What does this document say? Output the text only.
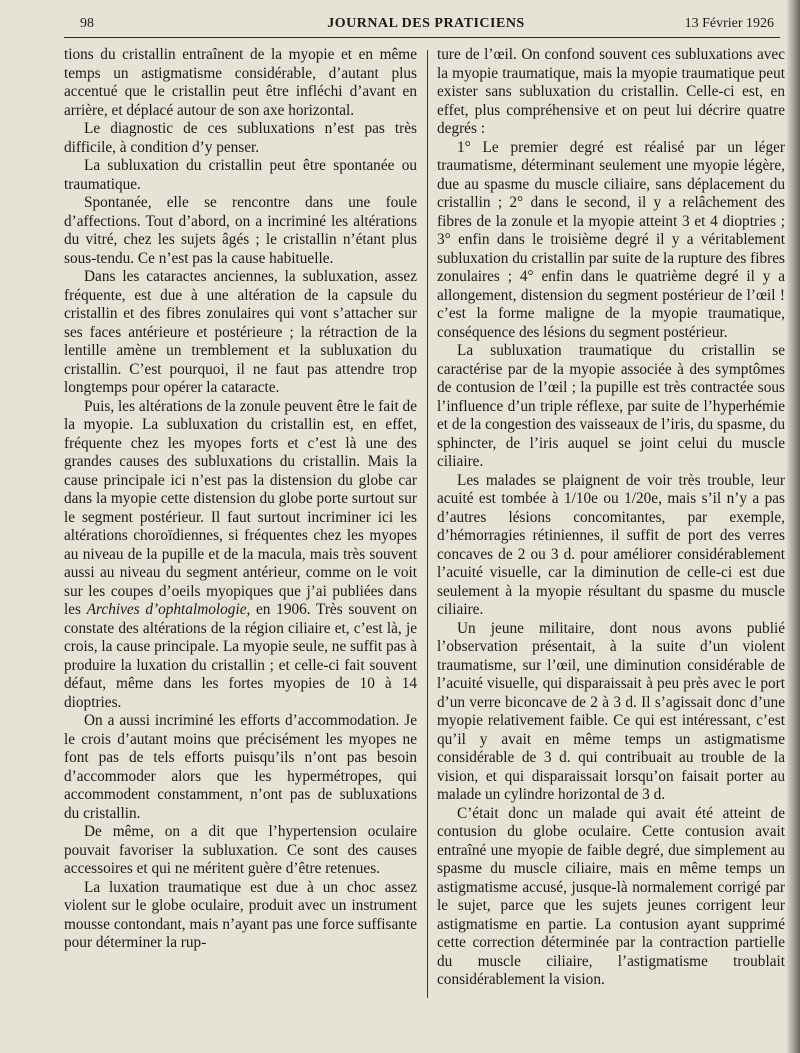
98	JOURNAL DES PRATICIENS	13 Février 1926

tions du cristallin entraînent de la myopie et en même temps un astigmatisme considérable, d’autant plus accentué que le cristallin peut être infléchi d’avant en arrière, et déplacé autour de son axe horizontal.

Le diagnostic de ces subluxations n’est pas très difficile, à condition d’y penser.

La subluxation du cristallin peut être spontanée ou traumatique.

Spontanée, elle se rencontre dans une foule d’affections. Tout d’abord, on a incriminé les altérations du vitré, chez les sujets âgés ; le cristallin n’étant plus sous-tendu. Ce n’est pas la cause habituelle.

Dans les cataractes anciennes, la subluxation, assez fréquente, est due à une altération de la capsule du cristallin et des fibres zonulaires qui vont s’attacher sur ses faces antérieure et postérieure ; la rétraction de la lentille amène un tremblement et la subluxation du cristallin. C’est pourquoi, il ne faut pas attendre trop longtemps pour opérer la cataracte.

Puis, les altérations de la zonule peuvent être le fait de la myopie. La subluxation du cristallin est, en effet, fréquente chez les myopes forts et c’est là une des grandes causes des subluxations du cristallin. Mais la cause principale ici n’est pas la distension du globe car dans la myopie cette distension du globe porte surtout sur le segment postérieur. Il faut surtout incriminer ici les altérations choroïdiennes, si fréquentes chez les myopes au niveau de la pupille et de la macula, mais très souvent aussi au niveau du segment antérieur, comme on le voit sur les coupes d’oeils myopiques que j’ai publiées dans les Archives d’ophtalmologie, en 1906. Très souvent on constate des altérations de la région ciliaire et, c’est là, je crois, la cause principale. La myopie seule, ne suffit pas à produire la luxation du cristallin ; et celle-ci fait souvent défaut, même dans les fortes myopies de 10 à 14 dioptries.

On a aussi incriminé les efforts d’accommodation. Je le crois d’autant moins que précisément les myopes ne font pas de tels efforts puisqu’ils n’ont pas besoin d’accommoder alors que les hypermétropes, qui accommodent constamment, n’ont pas de subluxations du cristallin.

De même, on a dit que l’hypertension oculaire pouvait favoriser la subluxation. Ce sont des causes accessoires et qui ne méritent guère d’être retenues.

La luxation traumatique est due à un choc assez violent sur le globe oculaire, produit avec un instrument mousse contondant, mais n’ayant pas une force suffisante pour déterminer la rup-

ture de l’œil. On confond souvent ces subluxations avec la myopie traumatique, mais la myopie traumatique peut exister sans subluxation du cristallin. Celle-ci est, en effet, plus compréhensive et on peut lui décrire quatre degrés :

1° Le premier degré est réalisé par un léger traumatisme, déterminant seulement une myopie légère, due au spasme du muscle ciliaire, sans déplacement du cristallin ; 2° dans le second, il y a relâchement des fibres de la zonule et la myopie atteint 3 et 4 dioptries ; 3° enfin dans le troisième degré il y a véritablement subluxation du cristallin par suite de la rupture des fibres zonulaires ; 4° enfin dans le quatrième degré il y a allongement, distension du segment postérieur de l’œil ! c’est la forme maligne de la myopie traumatique, conséquence des lésions du segment postérieur.

La subluxation traumatique du cristallin se caractérise par de la myopie associée à des symptômes de contusion de l’œil ; la pupille est très contractée sous l’influence d’un triple réflexe, par suite de l’hyperhémie et de la congestion des vaisseaux de l’iris, du spasme, du sphincter, de l’iris auquel se joint celui du muscle ciliaire.

Les malades se plaignent de voir très trouble, leur acuité est tombée à 1/10e ou 1/20e, mais s’il n’y a pas d’autres lésions concomitantes, par exemple, d’hémorragies rétiniennes, il suffit de port des verres concaves de 2 ou 3 d. pour améliorer considérablement l’acuité visuelle, car la diminution de celle-ci est due seulement à la myopie résultant du spasme du muscle ciliaire.

Un jeune militaire, dont nous avons publié l’observation présentait, à la suite d’un violent traumatisme, sur l’œil, une diminution considérable de l’acuité visuelle, qui disparaissait à peu près avec le port d’un verre biconcave de 2 à 3 d. Il s’agissait donc d’une myopie relativement faible. Ce qui est intéressant, c’est qu’il y avait en même temps un astigmatisme considérable de 3 d. qui contribuait au trouble de la vision, et qui disparaissait lorsqu’on faisait porter au malade un cylindre horizontal de 3 d.

C’était donc un malade qui avait été atteint de contusion du globe oculaire. Cette contusion avait entraîné une myopie de faible degré, due simplement au spasme du muscle ciliaire, mais en même temps un astigmatisme accusé, jusque-là normalement corrigé par le sujet, parce que les sujets jeunes corrigent leur astigmatisme en partie. La contusion ayant supprimé cette correction déterminée par la contraction partielle du muscle ciliaire, l’astigmatisme troublait considérablement la vision.
